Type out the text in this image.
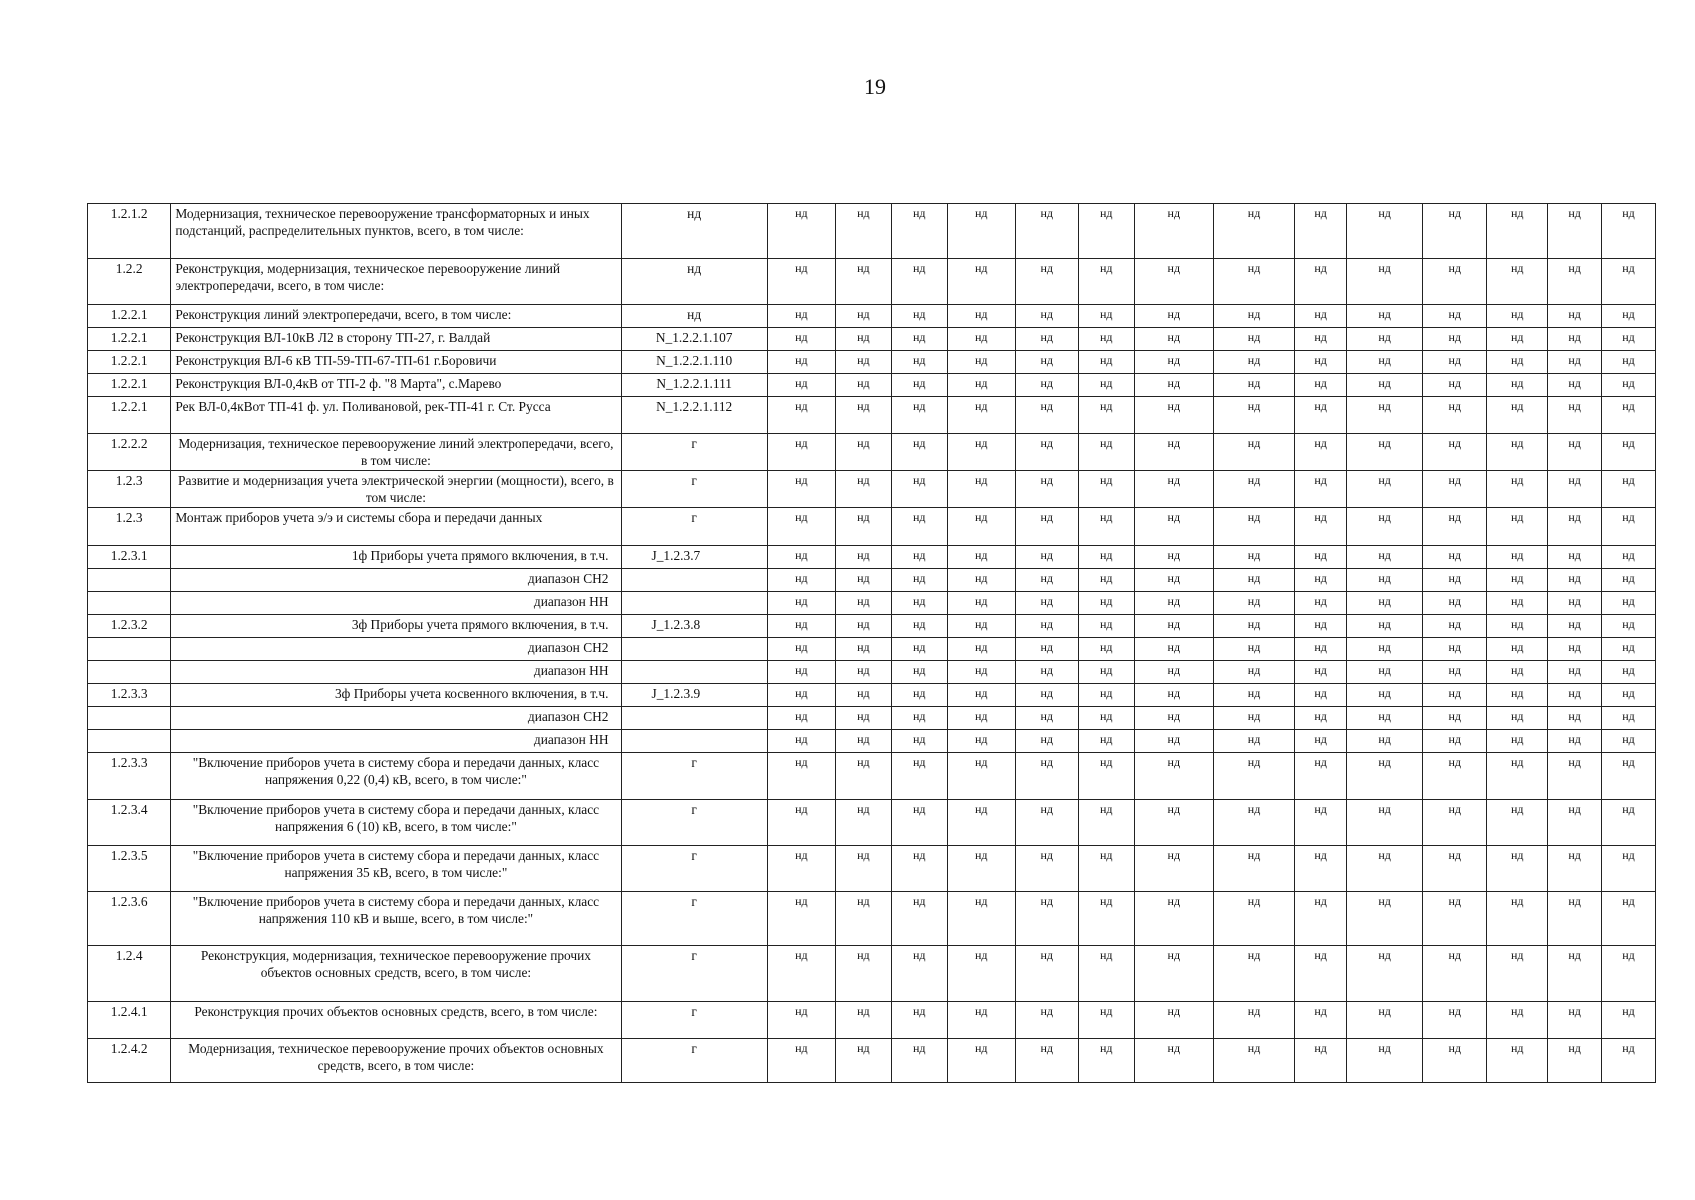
19
1.2.1.2	Модернизация, техническое перевооружение трансформаторных и иных подстанций, распределительных пунктов, всего, в том числе:	нд	нд	нд	нд	нд	нд	нд	нд	нд	нд	нд	нд	нд	нд	нд
1.2.2	Реконструкция, модернизация, техническое перевооружение линий электропередачи, всего, в том числе:	нд	нд	нд	нд	нд	нд	нд	нд	нд	нд	нд	нд	нд	нд	нд
1.2.2.1	Реконструкция линий электропередачи, всего, в том числе:	нд	нд	нд	нд	нд	нд	нд	нд	нд	нд	нд	нд	нд	нд	нд
1.2.2.1	Реконструкция ВЛ-10кВ Л2 в сторону ТП-27, г. Валдай	N_1.2.2.1.107	нд	нд	нд	нд	нд	нд	нд	нд	нд	нд	нд	нд	нд	нд
1.2.2.1	Реконструкция ВЛ-6 кВ ТП-59-ТП-67-ТП-61 г.Боровичи	N_1.2.2.1.110	нд	нд	нд	нд	нд	нд	нд	нд	нд	нд	нд	нд	нд	нд
1.2.2.1	Реконструкция ВЛ-0,4кВ от ТП-2 ф. "8 Марта", с.Марево	N_1.2.2.1.111	нд	нд	нд	нд	нд	нд	нд	нд	нд	нд	нд	нд	нд	нд
1.2.2.1	Рек ВЛ-0,4кВот ТП-41 ф. ул. Поливановой, рек-ТП-41 г. Ст. Русса	N_1.2.2.1.112	нд	нд	нд	нд	нд	нд	нд	нд	нд	нд	нд	нд	нд	нд
1.2.2.2	Модернизация, техническое перевооружение линий электропередачи, всего, в том числе:	г	нд	нд	нд	нд	нд	нд	нд	нд	нд	нд	нд	нд	нд	нд
1.2.3	Развитие и модернизация учета электрической энергии (мощности), всего, в том числе:	г	нд	нд	нд	нд	нд	нд	нд	нд	нд	нд	нд	нд	нд	нд
1.2.3	Монтаж приборов учета э/э и системы сбора и передачи данных	г	нд	нд	нд	нд	нд	нд	нд	нд	нд	нд	нд	нд	нд	нд
1.2.3.1	1ф Приборы учета прямого включения, в т.ч.	J_1.2.3.7	нд	нд	нд	нд	нд	нд	нд	нд	нд	нд	нд	нд	нд	нд
	диапазон СН2		нд	нд	нд	нд	нд	нд	нд	нд	нд	нд	нд	нд	нд	нд
	диапазон НН		нд	нд	нд	нд	нд	нд	нд	нд	нд	нд	нд	нд	нд	нд
1.2.3.2	3ф Приборы учета прямого включения, в т.ч.	J_1.2.3.8	нд	нд	нд	нд	нд	нд	нд	нд	нд	нд	нд	нд	нд	нд
	диапазон СН2		нд	нд	нд	нд	нд	нд	нд	нд	нд	нд	нд	нд	нд	нд
	диапазон НН		нд	нд	нд	нд	нд	нд	нд	нд	нд	нд	нд	нд	нд	нд
1.2.3.3	3ф Приборы учета косвенного включения, в т.ч.	J_1.2.3.9	нд	нд	нд	нд	нд	нд	нд	нд	нд	нд	нд	нд	нд	нд
	диапазон СН2		нд	нд	нд	нд	нд	нд	нд	нд	нд	нд	нд	нд	нд	нд
	диапазон НН		нд	нд	нд	нд	нд	нд	нд	нд	нд	нд	нд	нд	нд	нд
1.2.3.3	"Включение приборов учета в систему сбора и передачи данных, класс напряжения 0,22 (0,4) кВ, всего, в том числе:"	г	нд	нд	нд	нд	нд	нд	нд	нд	нд	нд	нд	нд	нд	нд
1.2.3.4	"Включение приборов учета в систему сбора и передачи данных, класс напряжения 6 (10) кВ, всего, в том числе:"	г	нд	нд	нд	нд	нд	нд	нд	нд	нд	нд	нд	нд	нд	нд
1.2.3.5	"Включение приборов учета в систему сбора и передачи данных, класс напряжения 35 кВ, всего, в том числе:"	г	нд	нд	нд	нд	нд	нд	нд	нд	нд	нд	нд	нд	нд	нд
1.2.3.6	"Включение приборов учета в систему сбора и передачи данных, класс напряжения 110 кВ и выше, всего, в том числе:"	г	нд	нд	нд	нд	нд	нд	нд	нд	нд	нд	нд	нд	нд	нд
1.2.4	Реконструкция, модернизация, техническое перевооружение прочих объектов основных средств, всего, в том числе:	г	нд	нд	нд	нд	нд	нд	нд	нд	нд	нд	нд	нд	нд	нд
1.2.4.1	Реконструкция прочих объектов основных средств, всего, в том числе:	г	нд	нд	нд	нд	нд	нд	нд	нд	нд	нд	нд	нд	нд	нд
1.2.4.2	Модернизация, техническое перевооружение прочих объектов основных средств, всего, в том числе:	г	нд	нд	нд	нд	нд	нд	нд	нд	нд	нд	нд	нд	нд	нд
